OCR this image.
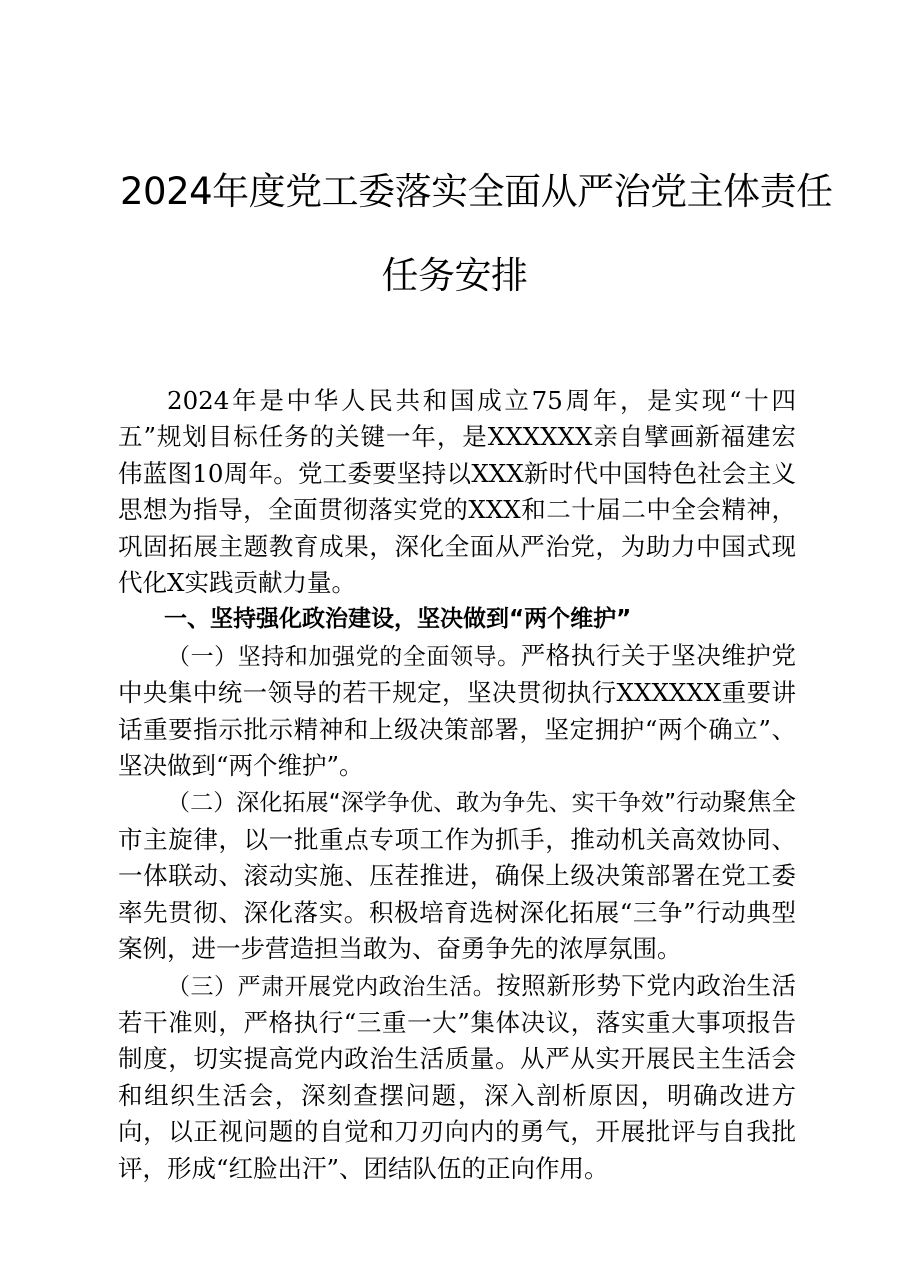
2024年度党工委落实全面从严治党主体责任
任务安排

2024年是中华人民共和国成立75周年，是实现“十四五”规划目标任务的关键一年，是XXXXXX亲自擘画新福建宏伟蓝图10周年。党工委要坚持以XXX新时代中国特色社会主义思想为指导，全面贯彻落实党的XXX和二十届二中全会精神，巩固拓展主题教育成果，深化全面从严治党，为助力中国式现代化X实践贡献力量。

一、坚持强化政治建设，坚决做到“两个维护”

（一）坚持和加强党的全面领导。严格执行关于坚决维护党中央集中统一领导的若干规定，坚决贯彻执行XXXXXX重要讲话重要指示批示精神和上级决策部署，坚定拥护“两个确立”、坚决做到“两个维护”。

（二）深化拓展“深学争优、敢为争先、实干争效”行动聚焦全市主旋律，以一批重点专项工作为抓手，推动机关高效协同、一体联动、滚动实施、压茬推进，确保上级决策部署在党工委率先贯彻、深化落实。积极培育选树深化拓展“三争”行动典型案例，进一步营造担当敢为、奋勇争先的浓厚氛围。

（三）严肃开展党内政治生活。按照新形势下党内政治生活若干准则，严格执行“三重一大”集体决议，落实重大事项报告制度，切实提高党内政治生活质量。从严从实开展民主生活会和组织生活会，深刻查摆问题，深入剖析原因，明确改进方向，以正视问题的自觉和刀刃向内的勇气，开展批评与自我批评，形成“红脸出汗”、团结队伍的正向作用。
